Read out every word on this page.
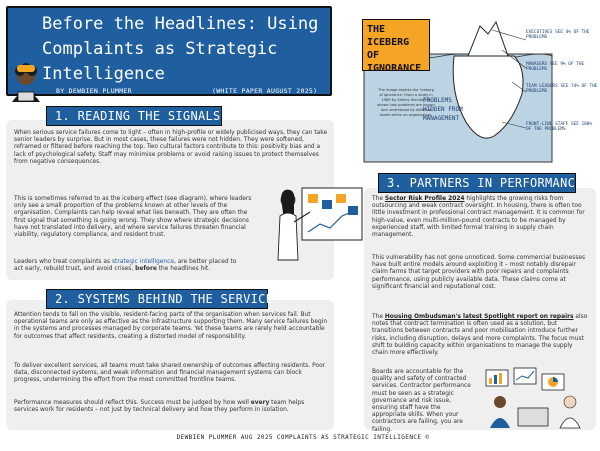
Before the Headlines: Using Complaints as Strategic Intelligence
BY DEWBIEN PLUMMER	(WHITE PAPER AUGUST 2025)
THE ICEBERG OF IGNORANCE
The image depicts the 'iceberg of ignorance' (from a study in 1989 by Sidney Yoshida). It shows how problems are known and understood by different levels within an organisation.
PROBLEMS HIDDEN FROM MANAGEMENT
EXECUTIVES SEE 4% OF THE PROBLEMS
MANAGERS SEE 9% OF THE PROBLEMS
TEAM LEADERS SEE 74% OF THE PROBLEMS
FRONT-LINE STAFF SEE 100% OF THE PROBLEMS
1. READING THE SIGNALS
When serious service failures come to light – often in high-profile or widely publicised ways, they can take senior leaders by surprise. But in most cases, these failures were not hidden. They were softened, reframed or filtered before reaching the top. Two cultural factors contribute to this: positivity bias and a lack of psychological safety. Staff may minimise problems or avoid raising issues to protect themselves from negative consequences.
This is sometimes referred to as the iceberg effect (see diagram), where leaders only see a small proportion of the problems known at other levels of the organisation. Complaints can help reveal what lies beneath. They are often the first signal that something is going wrong. They show where strategic decisions have not translated into delivery, and where service failures threaten financial viability, regulatory compliance, and resident trust.
Leaders who treat complaints as strategic intelligence, are better placed to act early, rebuild trust, and avoid crises, before the headlines hit.
2. SYSTEMS BEHIND THE SERVICE
Attention tends to fall on the visible, resident-facing parts of the organisation when services fail. But operational teams are only as effective as the infrastructure supporting them. Many service failures begin in the systems and processes managed by corporate teams. Yet these teams are rarely held accountable for outcomes that affect residents, creating a distorted model of responsibility.
To deliver excellent services, all teams must take shared ownership of outcomes affecting residents. Poor data, disconnected systems, and weak information and financial management systems can block progress, undermining the effort from the most committed frontline teams.
Performance measures should reflect this. Success must be judged by how well every team helps services work for residents – not just by technical delivery and how they perform in isolation.
3. PARTNERS IN PERFORMANCE
The Sector Risk Profile 2024 highlights the growing risks from outsourcing and weak contract oversight. In housing, there is often too little investment in professional contract management. It is common for high-value, even multi-million-pound contracts to be managed by experienced staff, with limited formal training in supply chain management.
This vulnerability has not gone unnoticed. Some commercial businesses have built entire models around exploiting it – most notably disrepair claim farms that target providers with poor repairs and complaints performance, using publicly available data. These claims come at significant financial and reputational cost.
The Housing Ombudsman's latest Spotlight report on repairs also notes that contract termination is often used as a solution, but transitions between contracts and poor mobilisation introduce further risks, including disruption, delays and more complaints. The focus must shift to building capacity within organisations to manage the supply chain more effectively.
Boards are accountable for the quality and safety of contracted services. Contractor performance must be seen as a strategic governance and risk issue, ensuring staff have the appropriate skills. When your contractors are failing, you are failing.
DEWBIEN PLUMMER AUG 2025 COMPLAINTS AS STRATEGIC INTELLIGENCE ©
